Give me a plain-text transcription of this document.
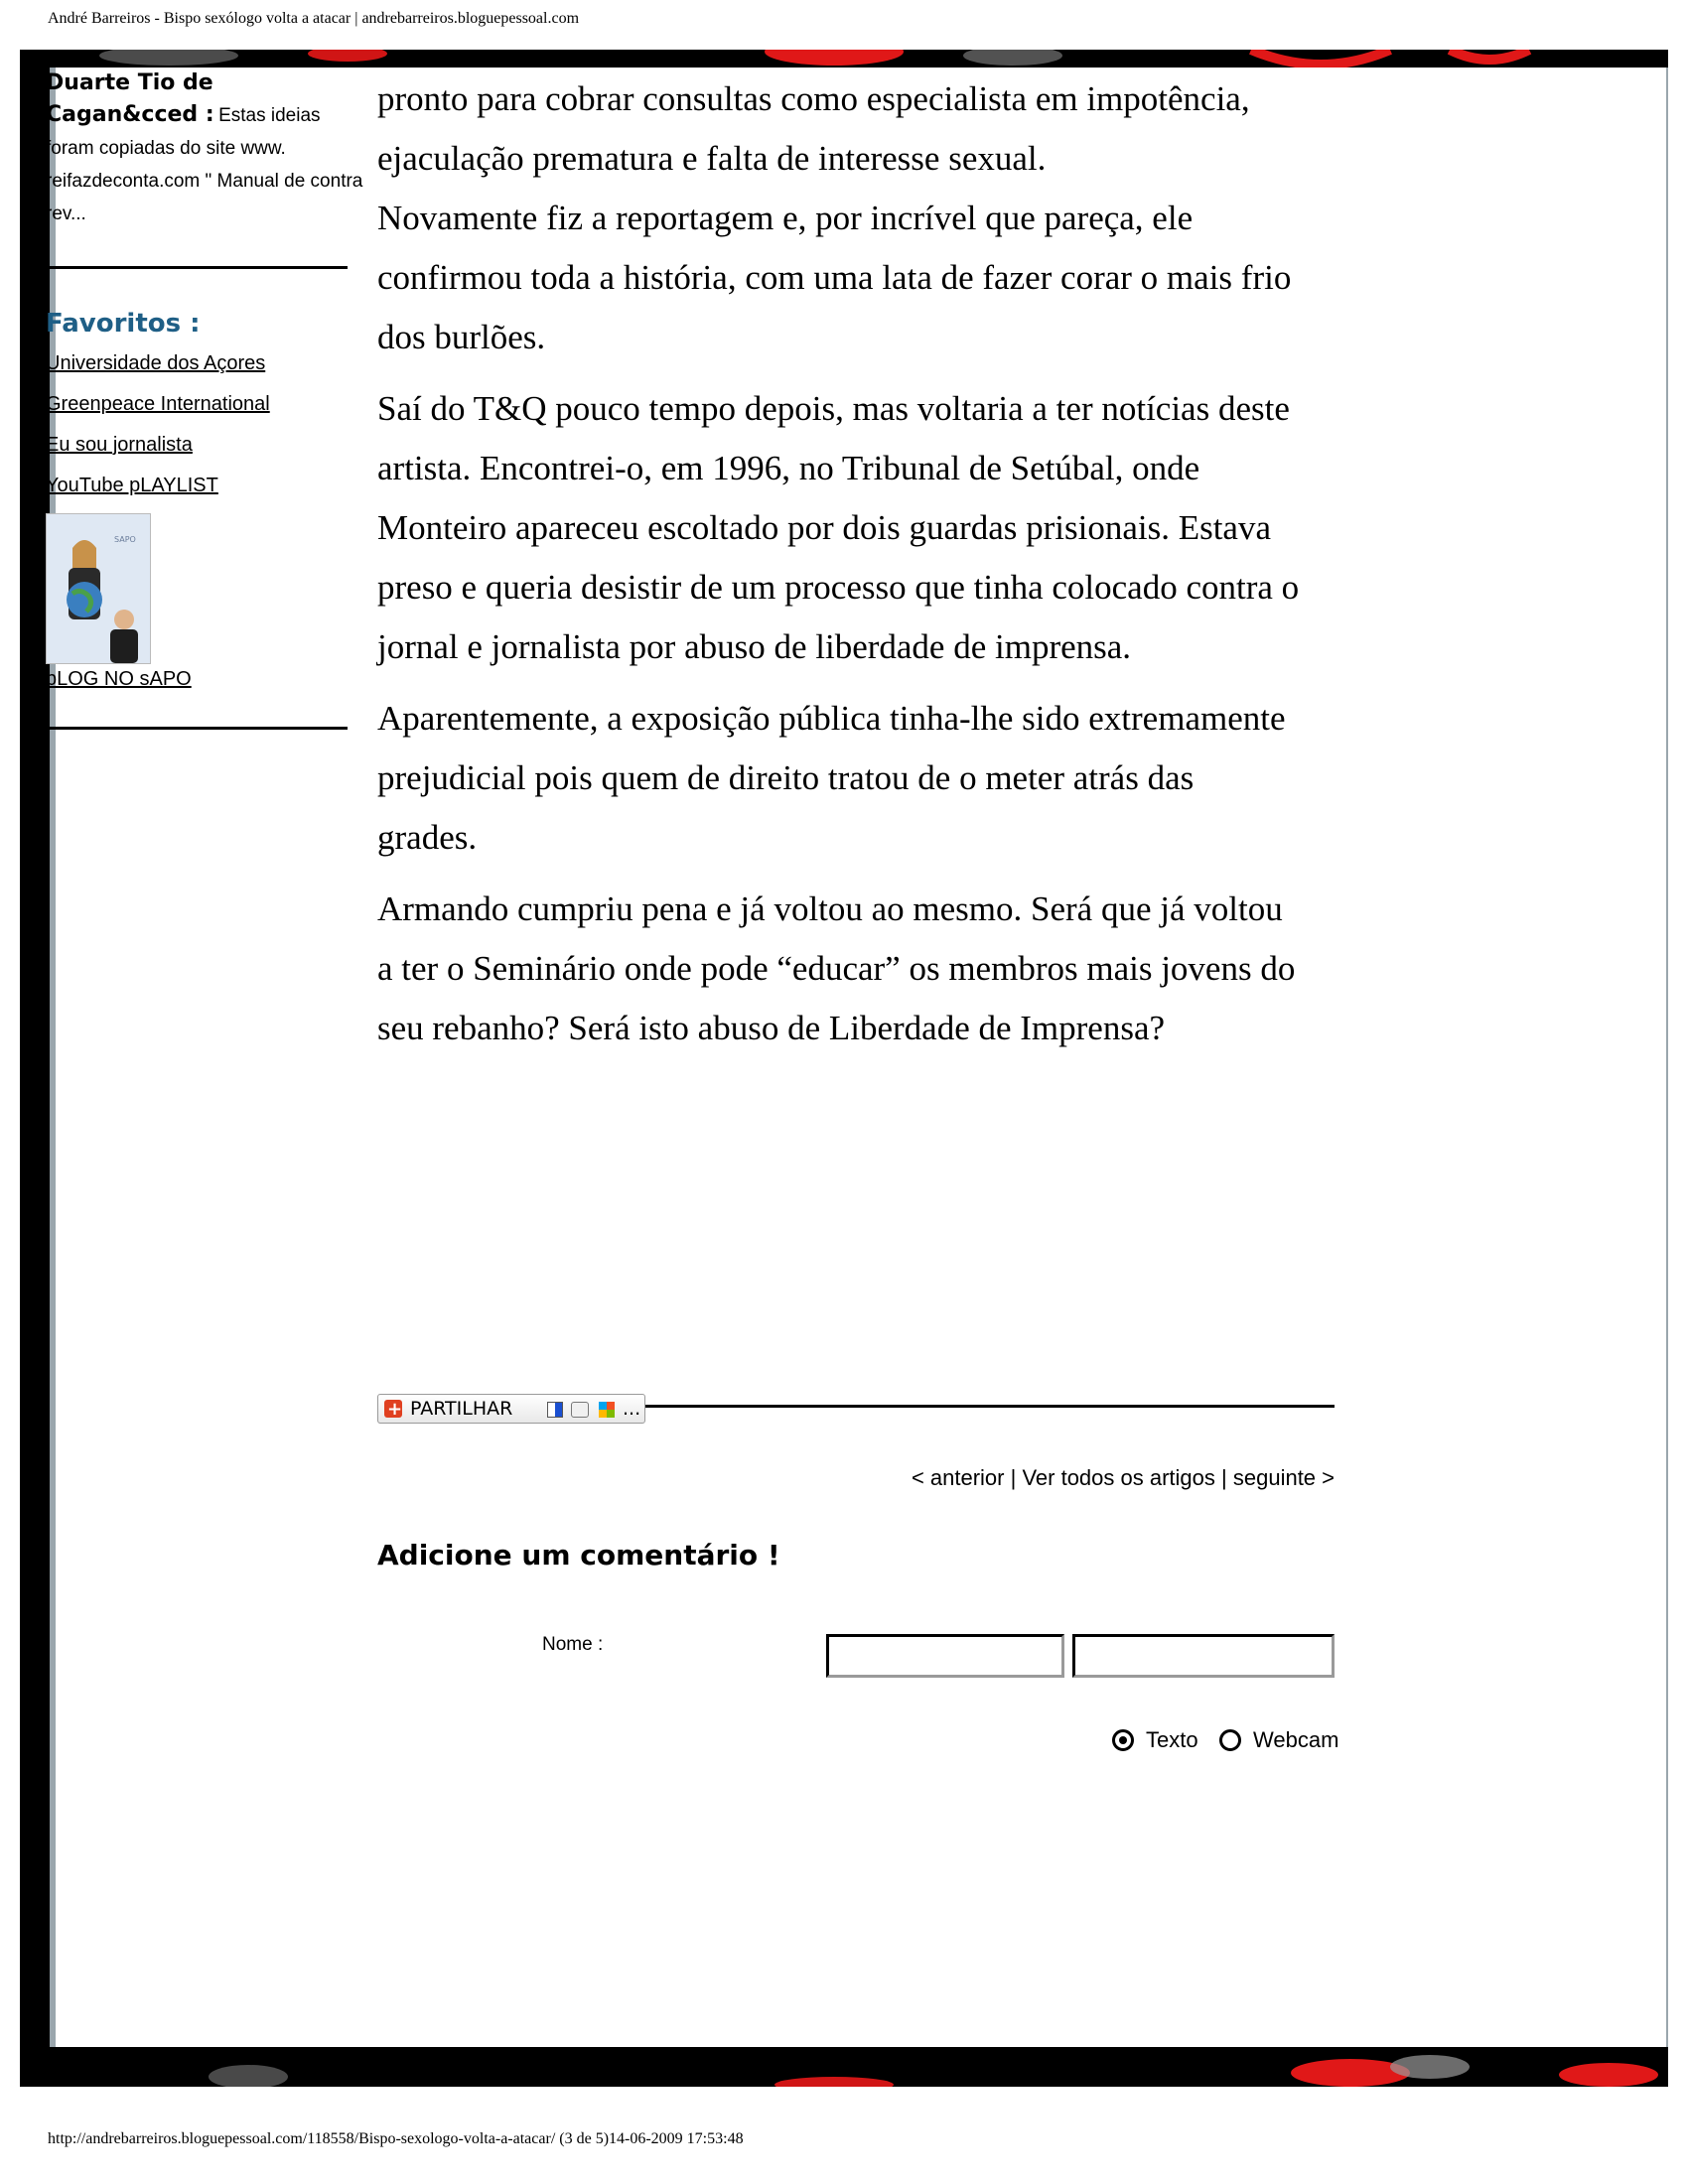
André Barreiros - Bispo sexólogo volta a atacar | andrebarreiros.bloguepessoal.com
Duarte Tio de Cagan&cced : Estas ideias foram copiadas do site www. reifazdeconta.com " Manual de contra rev...
Favoritos :
Universidade dos Açores
Greenpeace International
Eu sou jornalista
YouTube pLAYLIST
SAPO
bLOG NO sAPO

pronto para cobrar consultas como especialista em impotência, ejaculação prematura e falta de interesse sexual.

Novamente fiz a reportagem e, por incrível que pareça, ele confirmou toda a história, com uma lata de fazer corar o mais frio dos burlões.

Saí do T&Q pouco tempo depois, mas voltaria a ter notícias deste artista. Encontrei-o, em 1996, no Tribunal de Setúbal, onde Monteiro apareceu escoltado por dois guardas prisionais. Estava preso e queria desistir de um processo que tinha colocado contra o jornal e jornalista por abuso de liberdade de imprensa.

Aparentemente, a exposição pública tinha-lhe sido extremamente prejudicial pois quem de direito tratou de o meter atrás das grades.

Armando cumpriu pena e já voltou ao mesmo. Será que já voltou a ter o Seminário onde pode “educar” os membros mais jovens do seu rebanho? Será isto abuso de Liberdade de Imprensa?

+ PARTILHAR	...
< anterior | Ver todos os artigos | seguinte >
Adicione um comentário !
Nome :
Texto	Webcam
http://andrebarreiros.bloguepessoal.com/118558/Bispo-sexologo-volta-a-atacar/ (3 de 5)14-06-2009 17:53:48
